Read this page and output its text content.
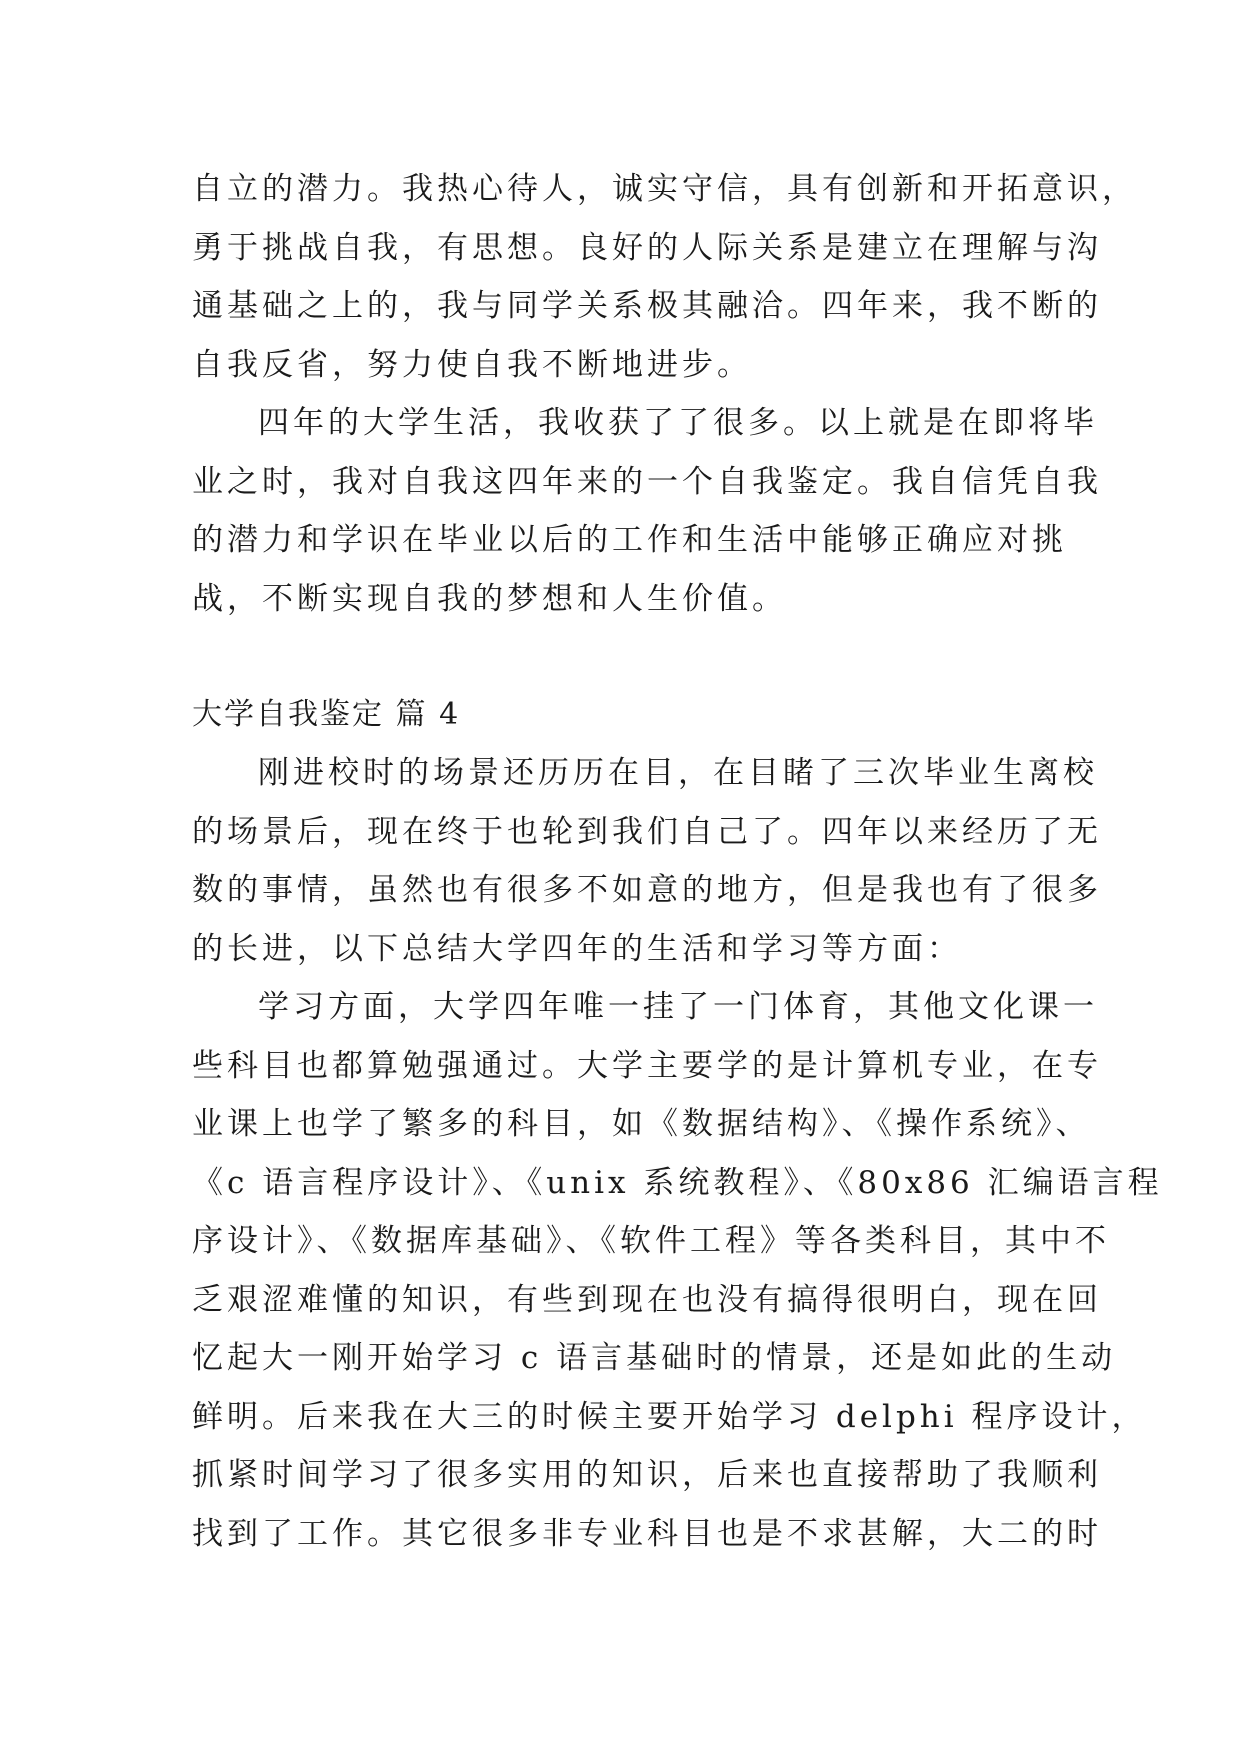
自立的潜力。我热心待人，诚实守信，具有创新和开拓意识，
勇于挑战自我，有思想。良好的人际关系是建立在理解与沟
通基础之上的，我与同学关系极其融洽。四年来，我不断的
自我反省，努力使自我不断地进步。
四年的大学生活，我收获了了很多。以上就是在即将毕
业之时，我对自我这四年来的一个自我鉴定。我自信凭自我
的潜力和学识在毕业以后的工作和生活中能够正确应对挑
战，不断实现自我的梦想和人生价值。
大学自我鉴定 篇 4
刚进校时的场景还历历在目，在目睹了三次毕业生离校
的场景后，现在终于也轮到我们自己了。四年以来经历了无
数的事情，虽然也有很多不如意的地方，但是我也有了很多
的长进，以下总结大学四年的生活和学习等方面：
学习方面，大学四年唯一挂了一门体育，其他文化课一
些科目也都算勉强通过。大学主要学的是计算机专业，在专
业课上也学了繁多的科目，如《数据结构》、《操作系统》、
《c 语言程序设计》、《unix 系统教程》、《80x86 汇编语言程
序设计》、《数据库基础》、《软件工程》等各类科目，其中不
乏艰涩难懂的知识，有些到现在也没有搞得很明白，现在回
忆起大一刚开始学习 c 语言基础时的情景，还是如此的生动
鲜明。后来我在大三的时候主要开始学习 delphi 程序设计，
抓紧时间学习了很多实用的知识，后来也直接帮助了我顺利
找到了工作。其它很多非专业科目也是不求甚解，大二的时
